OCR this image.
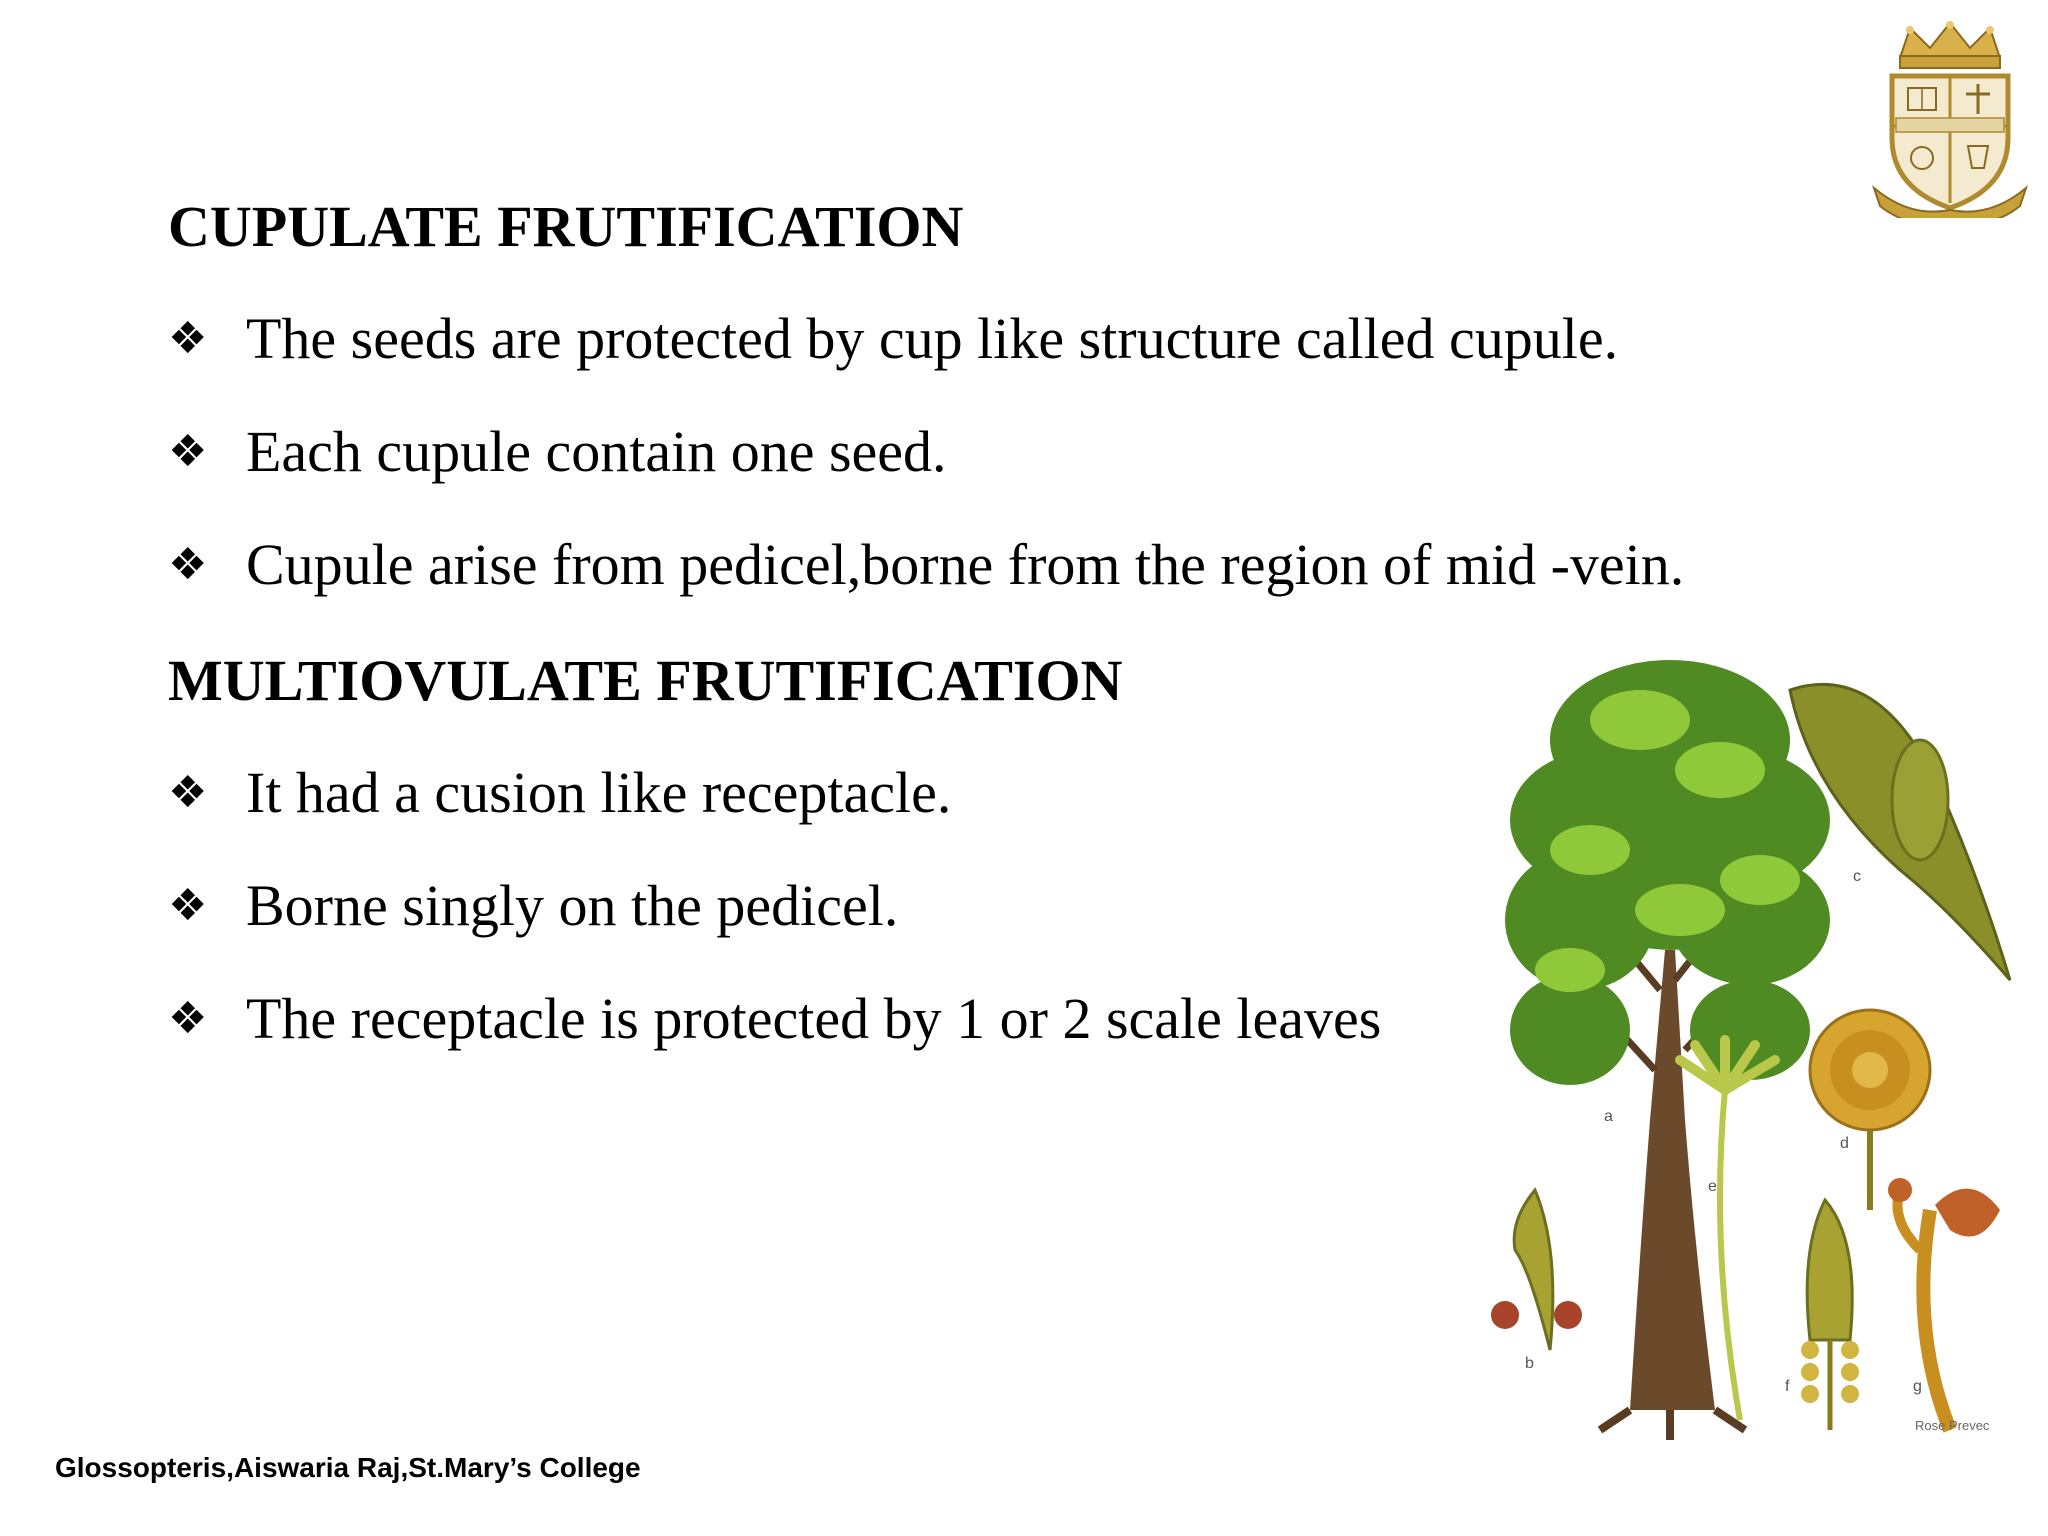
CUPULATE FRUTIFICATION
❖ The seeds are protected by cup like structure called cupule.
❖ Each cupule contain one seed.
❖ Cupule arise from pedicel,borne from the region of mid -vein.
MULTIOVULATE FRUTIFICATION
❖ It had a cusion like receptacle.
❖ Borne singly on the pedicel.
❖ The receptacle is protected by 1 or 2 scale leaves
a
b
c
d
e
f	g
Rose Prevec
Glossopteris,Aiswaria Raj,St.Mary’s College
